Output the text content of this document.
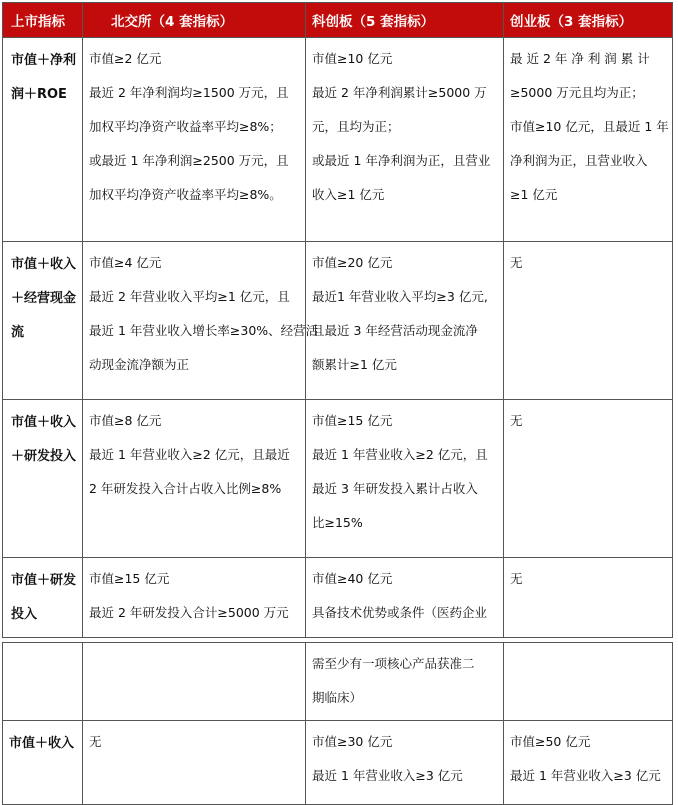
上市指标	北交所（4 套指标）	科创板（5 套指标）	创业板（3 套指标）

市值＋净利
润＋ROE	市值≥2 亿元
最近 2 年净利润均≥1500 万元，且
加权平均净资产收益率平均≥8%；
或最近 1 年净利润≥2500 万元，且
加权平均净资产收益率平均≥8%。	市值≥10 亿元
最近 2 年净利润累计≥5000 万
元，且均为正；
或最近 1 年净利润为正，且营业
收入≥1 亿元	最 近 2 年 净 利 润 累 计
≥5000 万元且均为正；
市值≥10 亿元，且最近 1 年
净利润为正，且营业收入
≥1 亿元

市值＋收入
＋经营现金
流	市值≥4 亿元
最近 2 年营业收入平均≥1 亿元，且
最近 1 年营业收入增长率≥30%、经营活
动现金流净额为正	市值≥20 亿元
最近1 年营业收入平均≥3 亿元,
且最近 3 年经营活动现金流净
额累计≥1 亿元	无

市值＋收入
＋研发投入	市值≥8 亿元
最近 1 年营业收入≥2 亿元，且最近
2 年研发投入合计占收入比例≥8%	市值≥15 亿元
最近 1 年营业收入≥2 亿元，且
最近 3 年研发投入累计占收入
比≥15%	无

市值＋研发
投入	市值≥15 亿元
最近 2 年研发投入合计≥5000 万元	市值≥40 亿元
具备技术优势或条件（医药企业	无

		需至少有一项核心产品获准二
期临床）	

市值＋收入	无	市值≥30 亿元
最近 1 年营业收入≥3 亿元	市值≥50 亿元
最近 1 年营业收入≥3 亿元
